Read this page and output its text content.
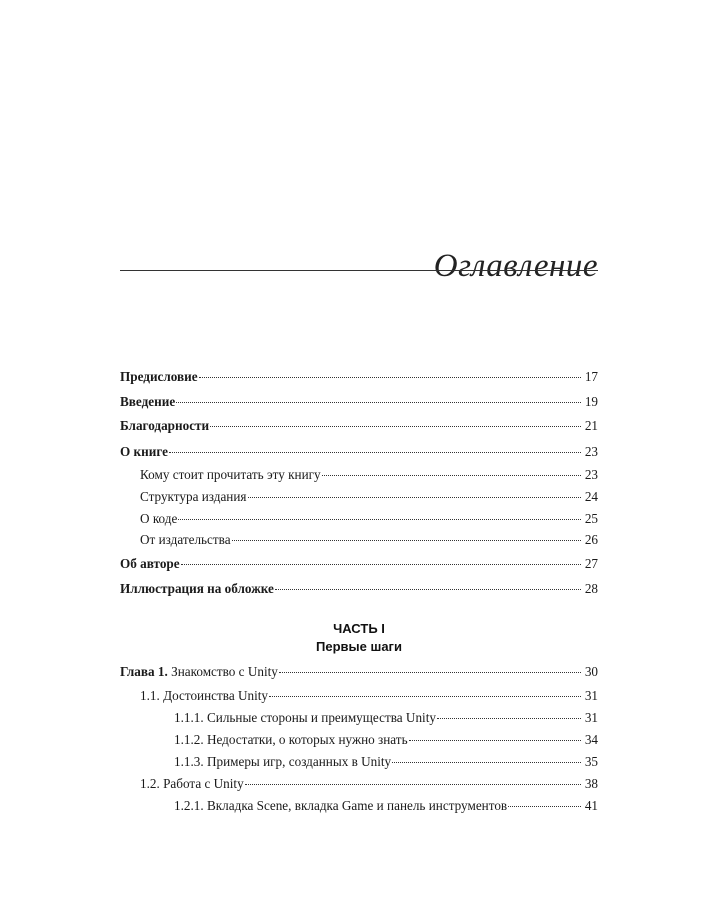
Оглавление
Предисловие	17
Введение	19
Благодарности	21
О книге	23
Кому стоит прочитать эту книгу	23
Структура издания	24
О коде	25
От издательства	26
Об авторе	27
Иллюстрация на обложке	28
ЧАСТЬ I
Первые шаги
Глава 1. Знакомство с Unity	30
1.1. Достоинства Unity	31
1.1.1. Сильные стороны и преимущества Unity	31
1.1.2. Недостатки, о которых нужно знать	34
1.1.3. Примеры игр, созданных в Unity	35
1.2. Работа с Unity	38
1.2.1. Вкладка Scene, вкладка Game и панель инструментов	41
